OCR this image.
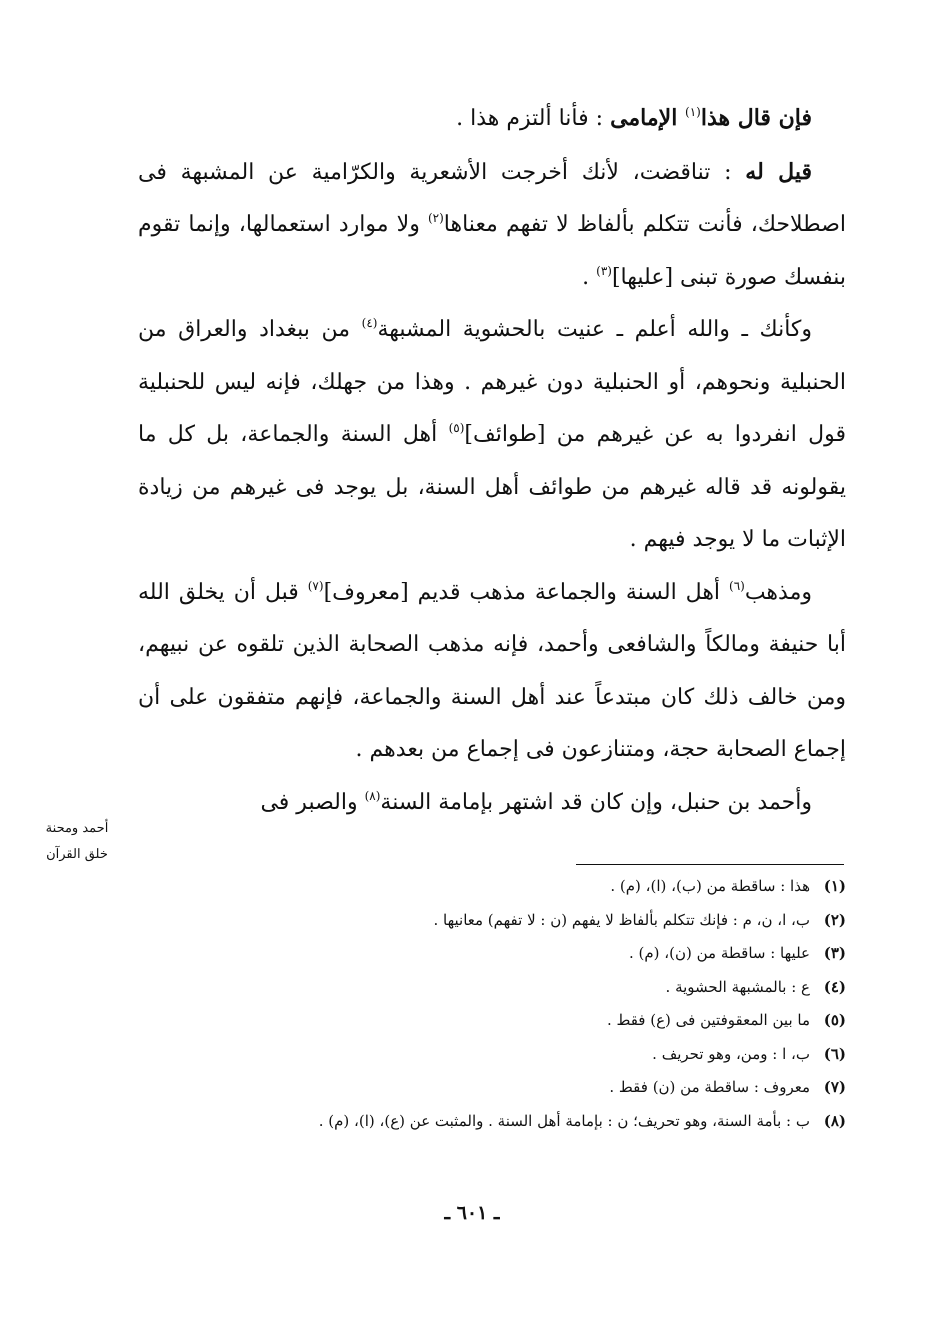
فإن قال هذا$^{(١)}$ الإمامى : فأنا ألتزم هذا .

قيل له : تناقضت، لأنك أخرجت الأشعرية والكرّامية عن المشبهة فى اصطلاحك، فأنت تتكلم بألفاظ لا تفهم معناها$^{(٢)}$ ولا موارد استعمالها، وإنما تقوم بنفسك صورة تبنى [عليها]$^{(٣)}$ .

وكأنك ـ والله أعلم ـ عنيت بالحشوية المشبهة$^{(٤)}$ من ببغداد والعراق من الحنبلية ونحوهم، أو الحنبلية دون غيرهم . وهذا من جهلك، فإنه ليس للحنبلية قول انفردوا به عن غيرهم من [طوائف]$^{(٥)}$ أهل السنة والجماعة، بل كل ما يقولونه قد قاله غيرهم من طوائف أهل السنة، بل يوجد فى غيرهم من زيادة الإثبات ما لا يوجد فيهم .

ومذهب$^{(٦)}$ أهل السنة والجماعة مذهب قديم [معروف]$^{(٧)}$ قبل أن يخلق الله أبا حنيفة ومالكاً والشافعى وأحمد، فإنه مذهب الصحابة الذين تلقوه عن نبيهم، ومن خالف ذلك كان مبتدعاً عند أهل السنة والجماعة، فإنهم متفقون على أن إجماع الصحابة حجة، ومتنازعون فى إجماع من بعدهم .

وأحمد بن حنبل، وإن كان قد اشتهر بإمامة السنة$^{(٨)}$ والصبر فى

أحمد ومحنة
خلق القرآن
(١)
هذا : ساقطة من (ب)، (ا)، (م) .
(٢)
ب، ا، ن، م : فإنك تتكلم بألفاظ لا يفهم (ن : لا تفهم) معانيها .
(٣)
عليها : ساقطة من (ن)، (م) .
(٤)
ع : بالمشبهة الحشوية .
(٥)
ما بين المعقوفتين فى (ع) فقط .
(٦)
ب، ا : ومن، وهو تحريف .
(٧)
معروف : ساقطة من (ن) فقط .
(٨)
ب : بأمة السنة، وهو تحريف؛ ن : بإمامة أهل السنة . والمثبت عن (ع)، (ا)، (م) .
ـ ٦٠١ ـ
